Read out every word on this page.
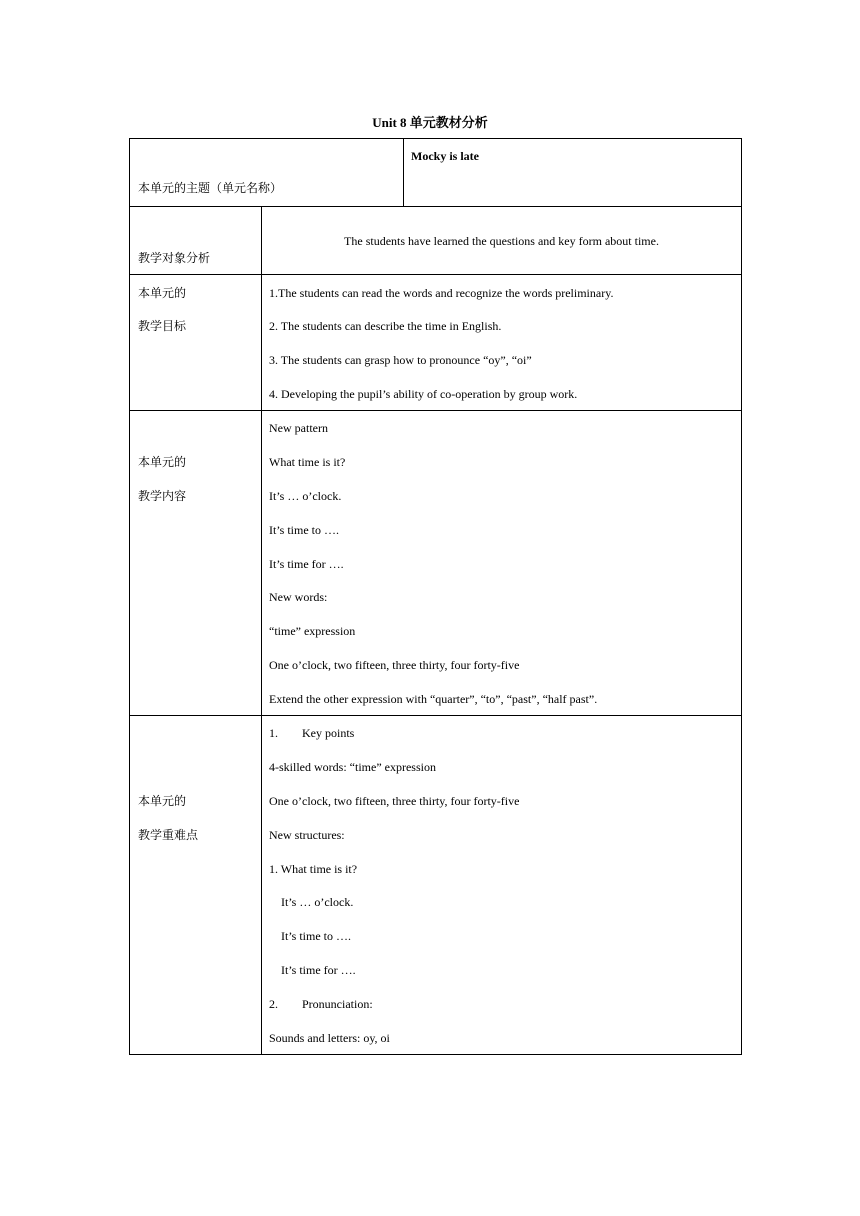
Unit 8 单元教材分析
本单元的主题（单元名称）
Mocky is late
教学对象分析
The students have learned the questions and key form about time.
本单元的
教学目标
1.The students can read the words and recognize the words preliminary.
2. The students can describe the time in English.
3. The students can grasp how to pronounce “oy”, “oi”
4. Developing the pupil’s ability of co-operation by group work.
本单元的
教学内容
New pattern
What time is it?
It’s … o’clock.
It’s time to ….
It’s time for ….
New words:
“time” expression
One o’clock, two fifteen, three thirty, four forty-five
Extend the other expression with “quarter”, “to”, “past”, “half past”.
本单元的
教学重难点
1.        Key points
4-skilled words: “time” expression
One o’clock, two fifteen, three thirty, four forty-five
New structures:
1. What time is it?
It’s … o’clock.
It’s time to ….
It’s time for ….
2.        Pronunciation:
Sounds and letters: oy, oi
